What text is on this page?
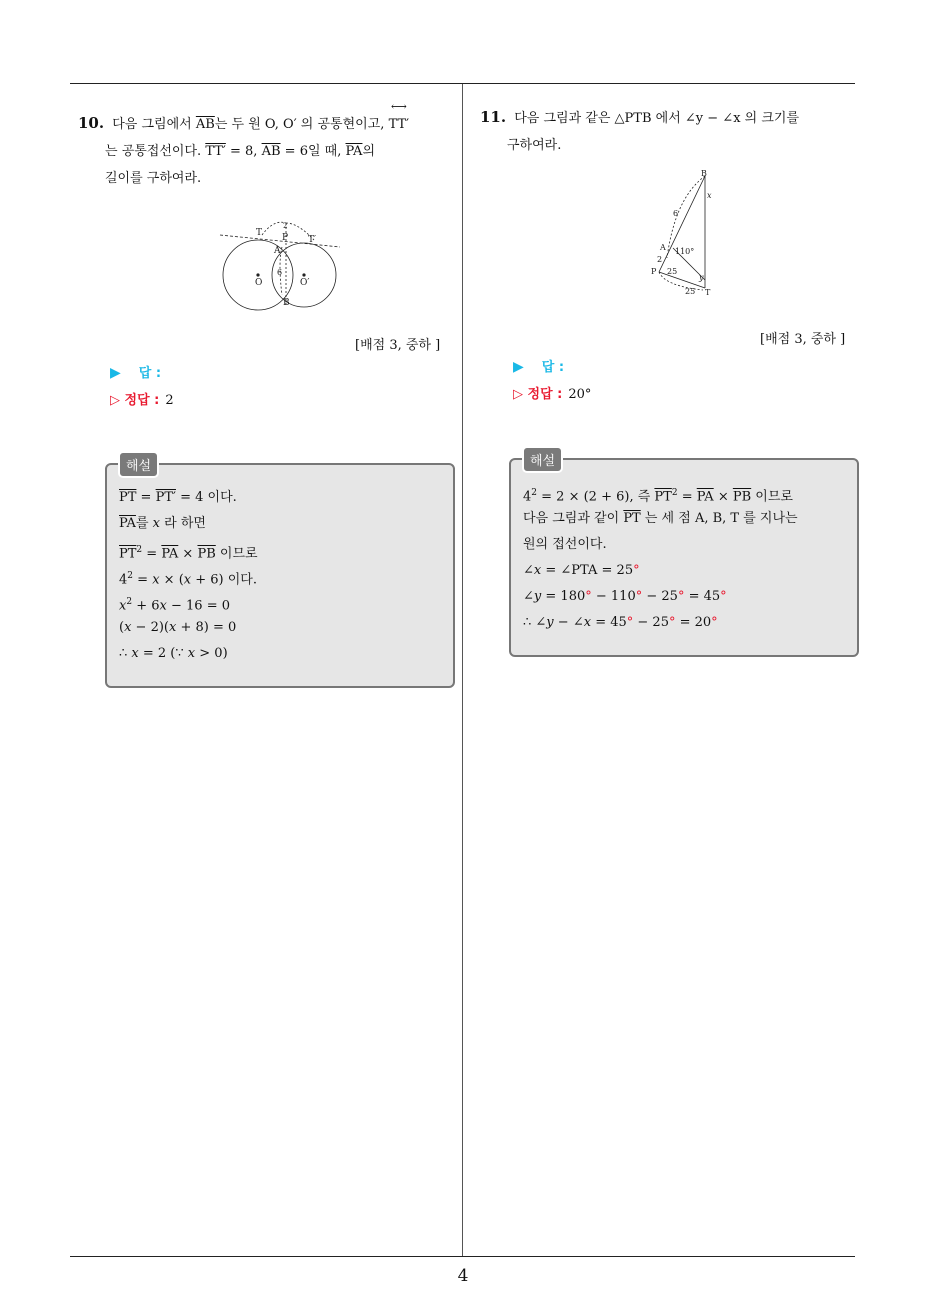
4
10. 다음 그림에서 $\overline{AB}$는 두 원 O, O′ 의 공통현이고,
⟷
TT′
는 공통접선이다. TT′ = 8, $\overline{AB} = 6$일 때, $\overline{PA}$의
길이를 구하여라.
T P T′
A
6
O	O′
B
2
[배점 3, 중하 ]
▶ 답 :
▷ 정답 : 2
$\overline{PT} = PT' = 4$ 이다.
$\overline{PA}$를 x 라 하면
$\overline{PT}^2 = \overline{PA} \times \overline{PB}$ 이므로
$4^2 = x \times (x + 6)$ 이다.
$x^2 + 6x - 16 = 0$
(x − 2)(x + 8) = 0
∴ x = 2 (∵ x > 0)
해설
11. 다음 그림과 같은 △PTB 에서 ∠y − ∠x 의 크기를
구하여라.
B
x
6
A 110°
2
P 25
y
T
25
[배점 3, 중하 ]
▶ 답 :
▷ 정답 : 20°
$4^2 = 2 \times (2 + 6)$, 즉 $\overline{PT}^2 = \overline{PA} \times \overline{PB}$ 이므로
다음 그림과 같이 $\overline{PT}$ 는 세 점 A, B, T 를 지나는
원의 접선이다.
∠x = ∠PTA = 25°
∠y = 180° − 110° − 25° = 45°
∴ ∠y − ∠x = 45° − 25° = 20°
해설
